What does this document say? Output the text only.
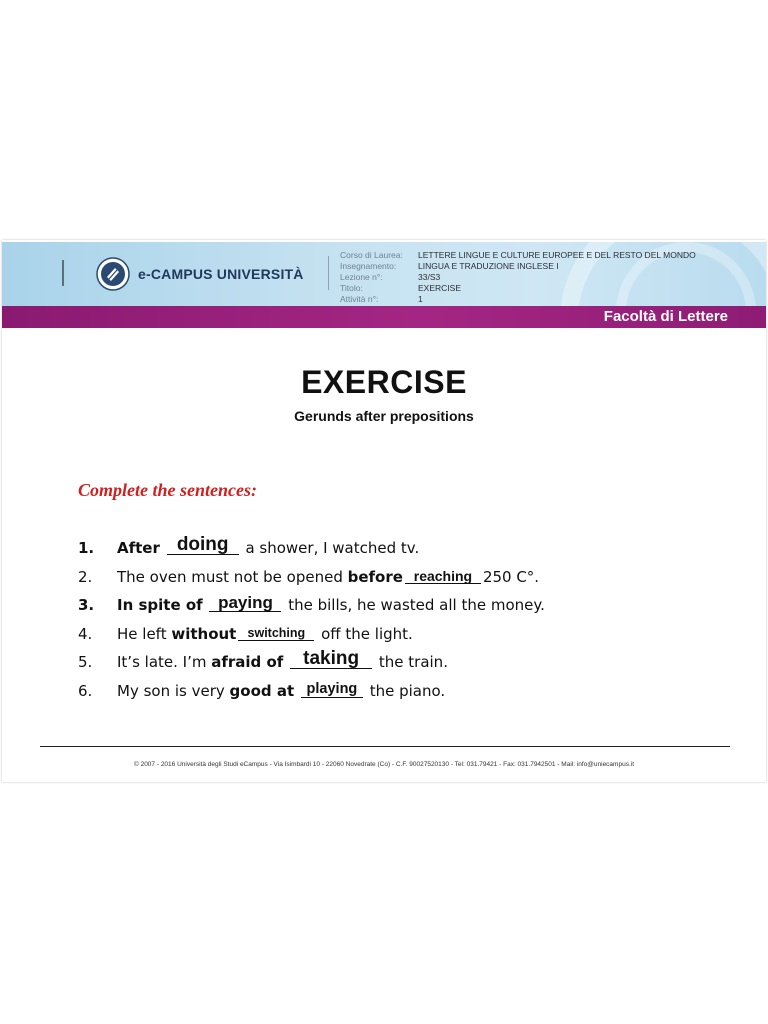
e-CAMPUS UNIVERSITÀ
Corso di Laurea: LETTERE LINGUE E CULTURE EUROPEE E DEL RESTO DEL MONDO
Insegnamento:	LINGUA E TRADUZIONE INGLESE I
Lezione n°:	33/S3
Titolo:	EXERCISE
Attività n°:	1
Facoltà di Lettere
EXERCISE
Gerunds after prepositions
Complete the sentences:
1. After doing a shower, I watched tv.
2. The oven must not be opened before reaching 250 C°.
3. In spite of paying the bills, he wasted all the money.
4. He left without switching off the light.
5. It’s late. I’m afraid of	taking	the train.
6. My son is very good at playing the piano.
© 2007 - 2016 Università degli Studi eCampus - Via Isimbardi 10 - 22060 Novedrate (Co) - C.F. 90027520130 - Tel: 031.79421 - Fax: 031.7942501 - Mail: info@uniecampus.it
